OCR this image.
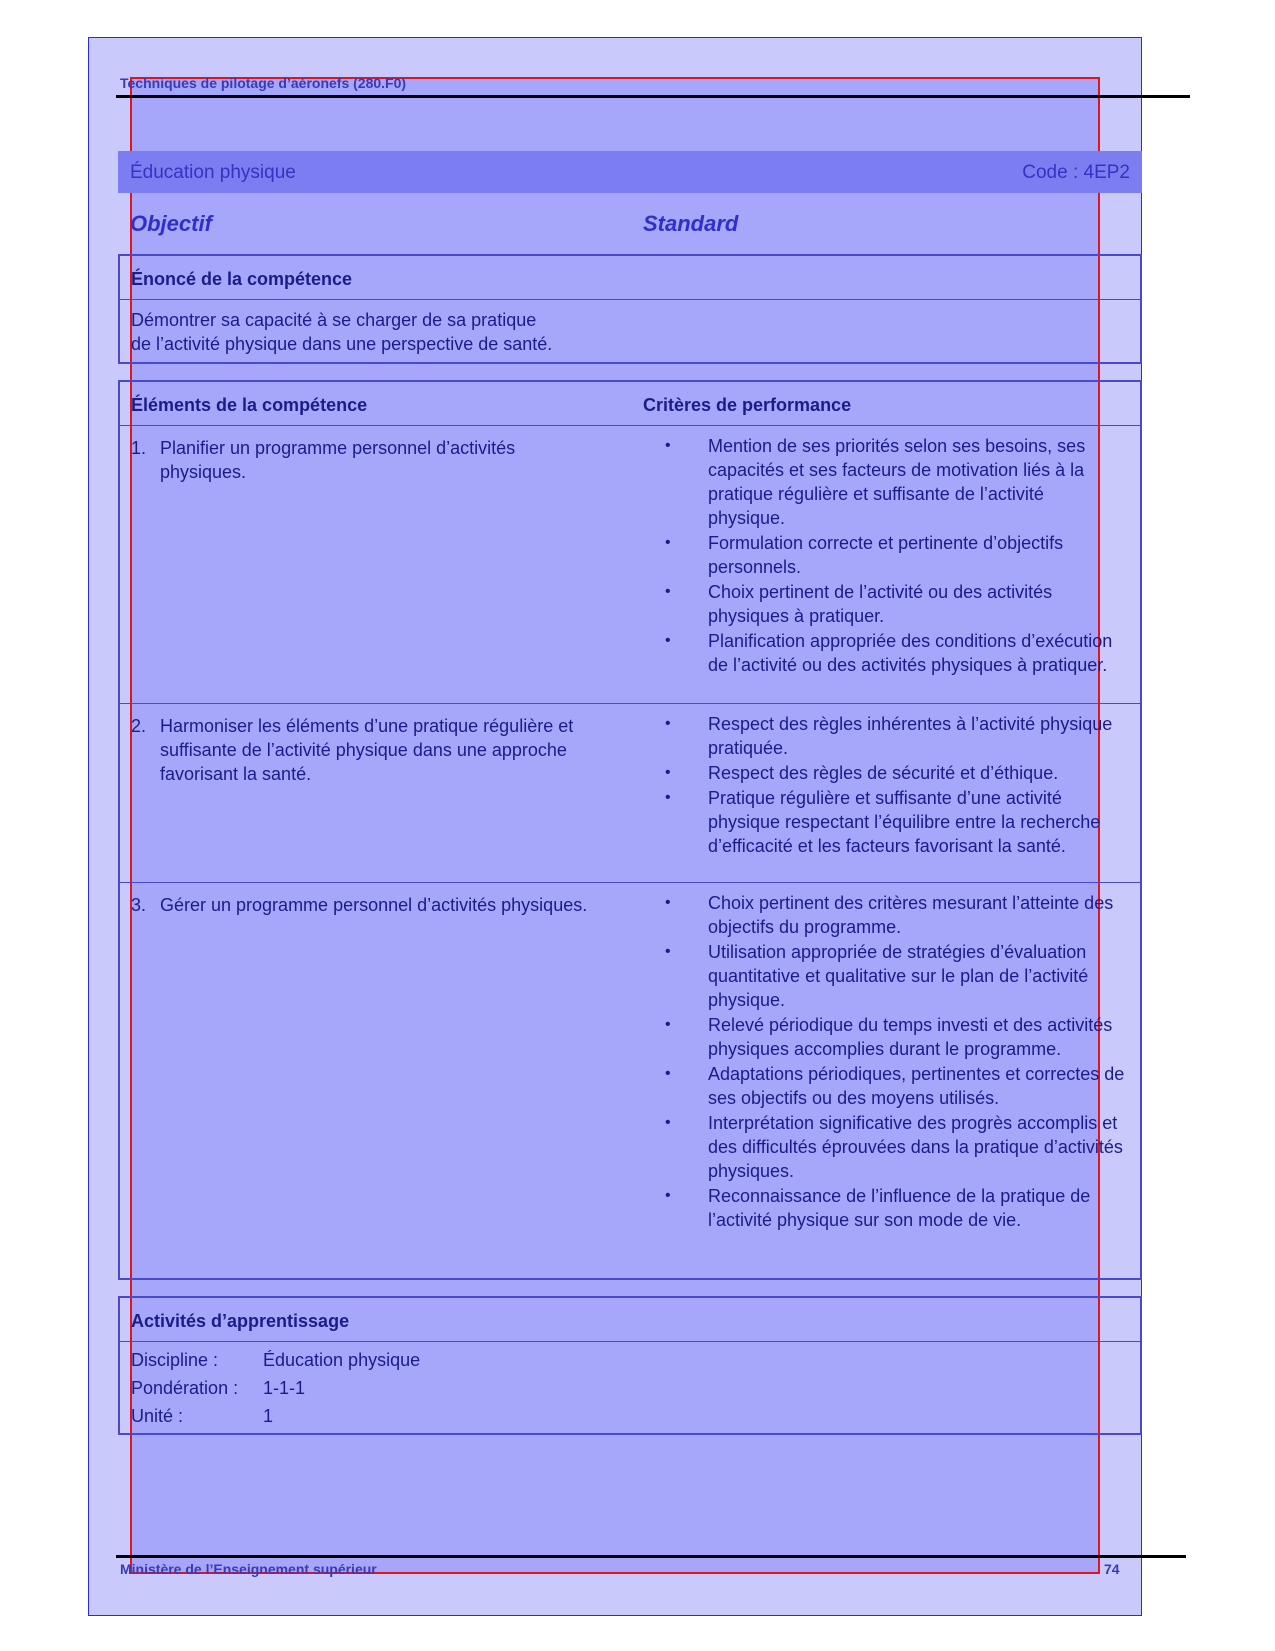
Techniques de pilotage d’aéronefs (280.F0)
Éducation physique	Code : 4EP2
Objectif	Standard
Énoncé de la compétence
Démontrer sa capacité à se charger de sa pratique
de l’activité physique dans une perspective de santé.
Éléments de la compétence	Critères de performance
1. Planifier un programme personnel d’activités physiques.
• Mention de ses priorités selon ses besoins, ses capacités et ses facteurs de motivation liés à la pratique régulière et suffisante de l’activité physique.
• Formulation correcte et pertinente d’objectifs personnels.
• Choix pertinent de l’activité ou des activités physiques à pratiquer.
• Planification appropriée des conditions d’exécution de l’activité ou des activités physiques à pratiquer.
2. Harmoniser les éléments d’une pratique régulière et suffisante de l’activité physique dans une approche favorisant la santé.
• Respect des règles inhérentes à l’activité physique pratiquée.
• Respect des règles de sécurité et d’éthique.
• Pratique régulière et suffisante d’une activité physique respectant l’équilibre entre la recherche d’efficacité et les facteurs favorisant la santé.
3. Gérer un programme personnel d’activités physiques.	• Choix pertinent des critères mesurant l’atteinte des objectifs du programme.
• Utilisation appropriée de stratégies d’évaluation quantitative et qualitative sur le plan de l’activité physique.
• Relevé périodique du temps investi et des activités physiques accomplies durant le programme.
• Adaptations périodiques, pertinentes et correctes de ses objectifs ou des moyens utilisés.
• Interprétation significative des progrès accomplis et des difficultés éprouvées dans la pratique d’activités physiques.
• Reconnaissance de l’influence de la pratique de l’activité physique sur son mode de vie.
Activités d’apprentissage
Discipline : Éducation physique
Pondération : 1-1-1
Unité :	1
Ministère de l’Enseignement supérieur	74
